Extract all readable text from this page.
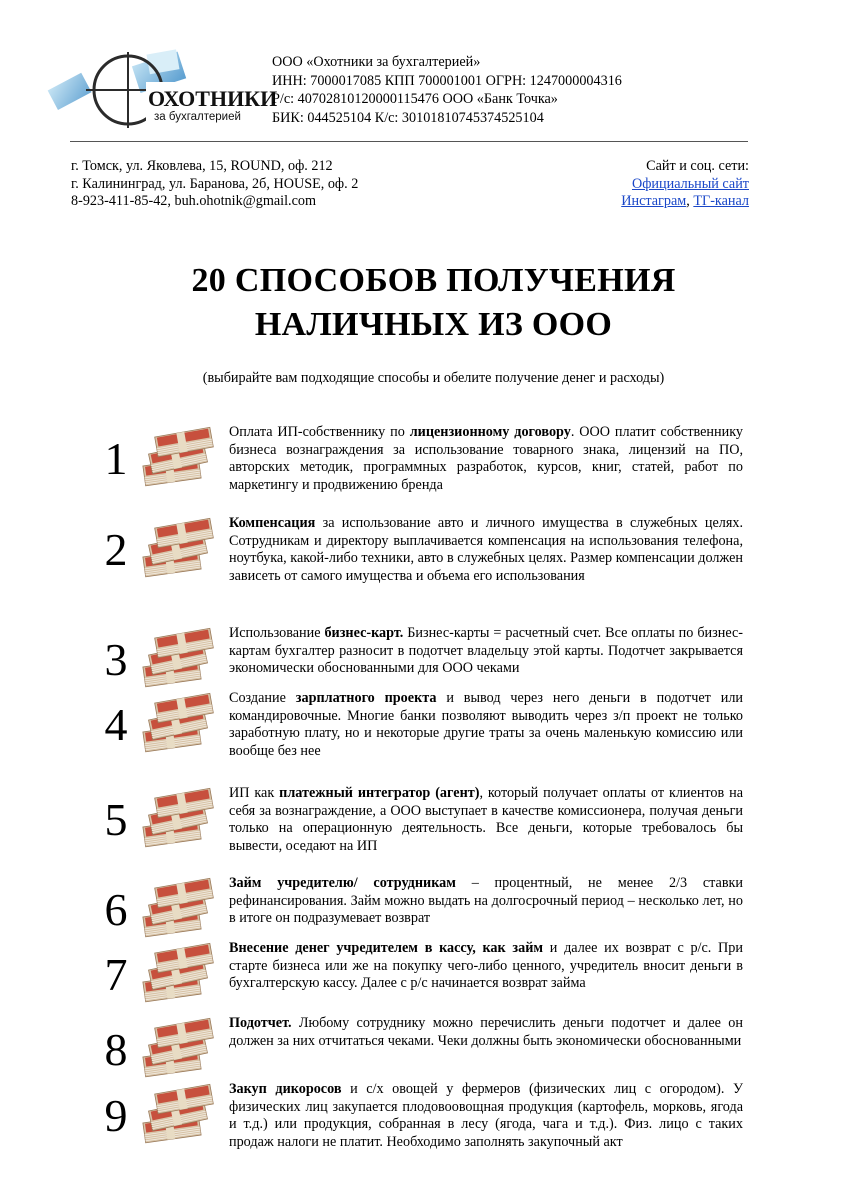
ОХОТНИКИ
за бухгалтерией
ООО «Охотники за бухгалтерией»
ИНН: 7000017085 КПП 700001001 ОГРН: 1247000004316
Р/с: 40702810120000115476 ООО «Банк Точка»
БИК: 044525104 К/с: 30101810745374525104
г. Томск, ул. Яковлева, 15, ROUND, оф. 212
г. Калининград, ул. Баранова, 2б, HOUSE, оф. 2
8-923-411-85-42, buh.ohotnik@gmail.com
Сайт и соц. сети:
Официальный сайт
Инстаграм, ТГ-канал
20 СПОСОБОВ ПОЛУЧЕНИЯ
НАЛИЧНЫХ ИЗ ООО
(выбирайте вам подходящие способы и обелите получение денег и расходы)
1
Оплата ИП-собственнику по лицензионному договору. ООО платит собственнику бизнеса вознаграждения за использование товарного знака, лицензий на ПО, авторских методик, программных разработок, курсов, книг, статей, работ по маркетингу и продвижению бренда
2
Компенсация за использование авто и личного имущества в служебных целях. Сотрудникам и директору выплачивается компенсация на использования телефона, ноутбука, какой-либо техники, авто в служебных целях. Размер компенсации должен зависеть от самого имущества и объема его использования
3
Использование бизнес-карт. Бизнес-карты = расчетный счет. Все оплаты по бизнес-картам бухгалтер разносит в подотчет владельцу этой карты. Подотчет закрывается экономически обоснованными для ООО чеками
4
Создание зарплатного проекта и вывод через него деньги в подотчет или командировочные. Многие банки позволяют выводить через з/п проект не только заработную плату, но и некоторые другие траты за очень маленькую комиссию или вообще без нее
5
ИП как платежный интегратор (агент), который получает оплаты от клиентов на себя за вознаграждение, а ООО выступает в качестве комиссионера, получая деньги только на операционную деятельность. Все деньги, которые требовалось бы вывести, оседают на ИП
6
Займ учредителю/ сотрудникам – процентный, не менее 2/3 ставки рефинансирования. Займ можно выдать на долгосрочный период – несколько лет, но в итоге он подразумевает возврат
7
Внесение денег учредителем в кассу, как займ и далее их возврат с р/с. При старте бизнеса или же на покупку чего-либо ценного, учредитель вносит деньги в бухгалтерскую кассу. Далее с р/с начинается возврат займа
8
Подотчет. Любому сотруднику можно перечислить деньги подотчет и далее он должен за них отчитаться чеками. Чеки должны быть экономически обоснованными
9
Закуп дикоросов и с/х овощей у фермеров (физических лиц с огородом). У физических лиц закупается плодовоовощная продукция (картофель, морковь, ягода и т.д.) или продукция, собранная в лесу (ягода, чага и т.д.). Физ. лицо с таких продаж налоги не платит. Необходимо заполнять закупочный акт
